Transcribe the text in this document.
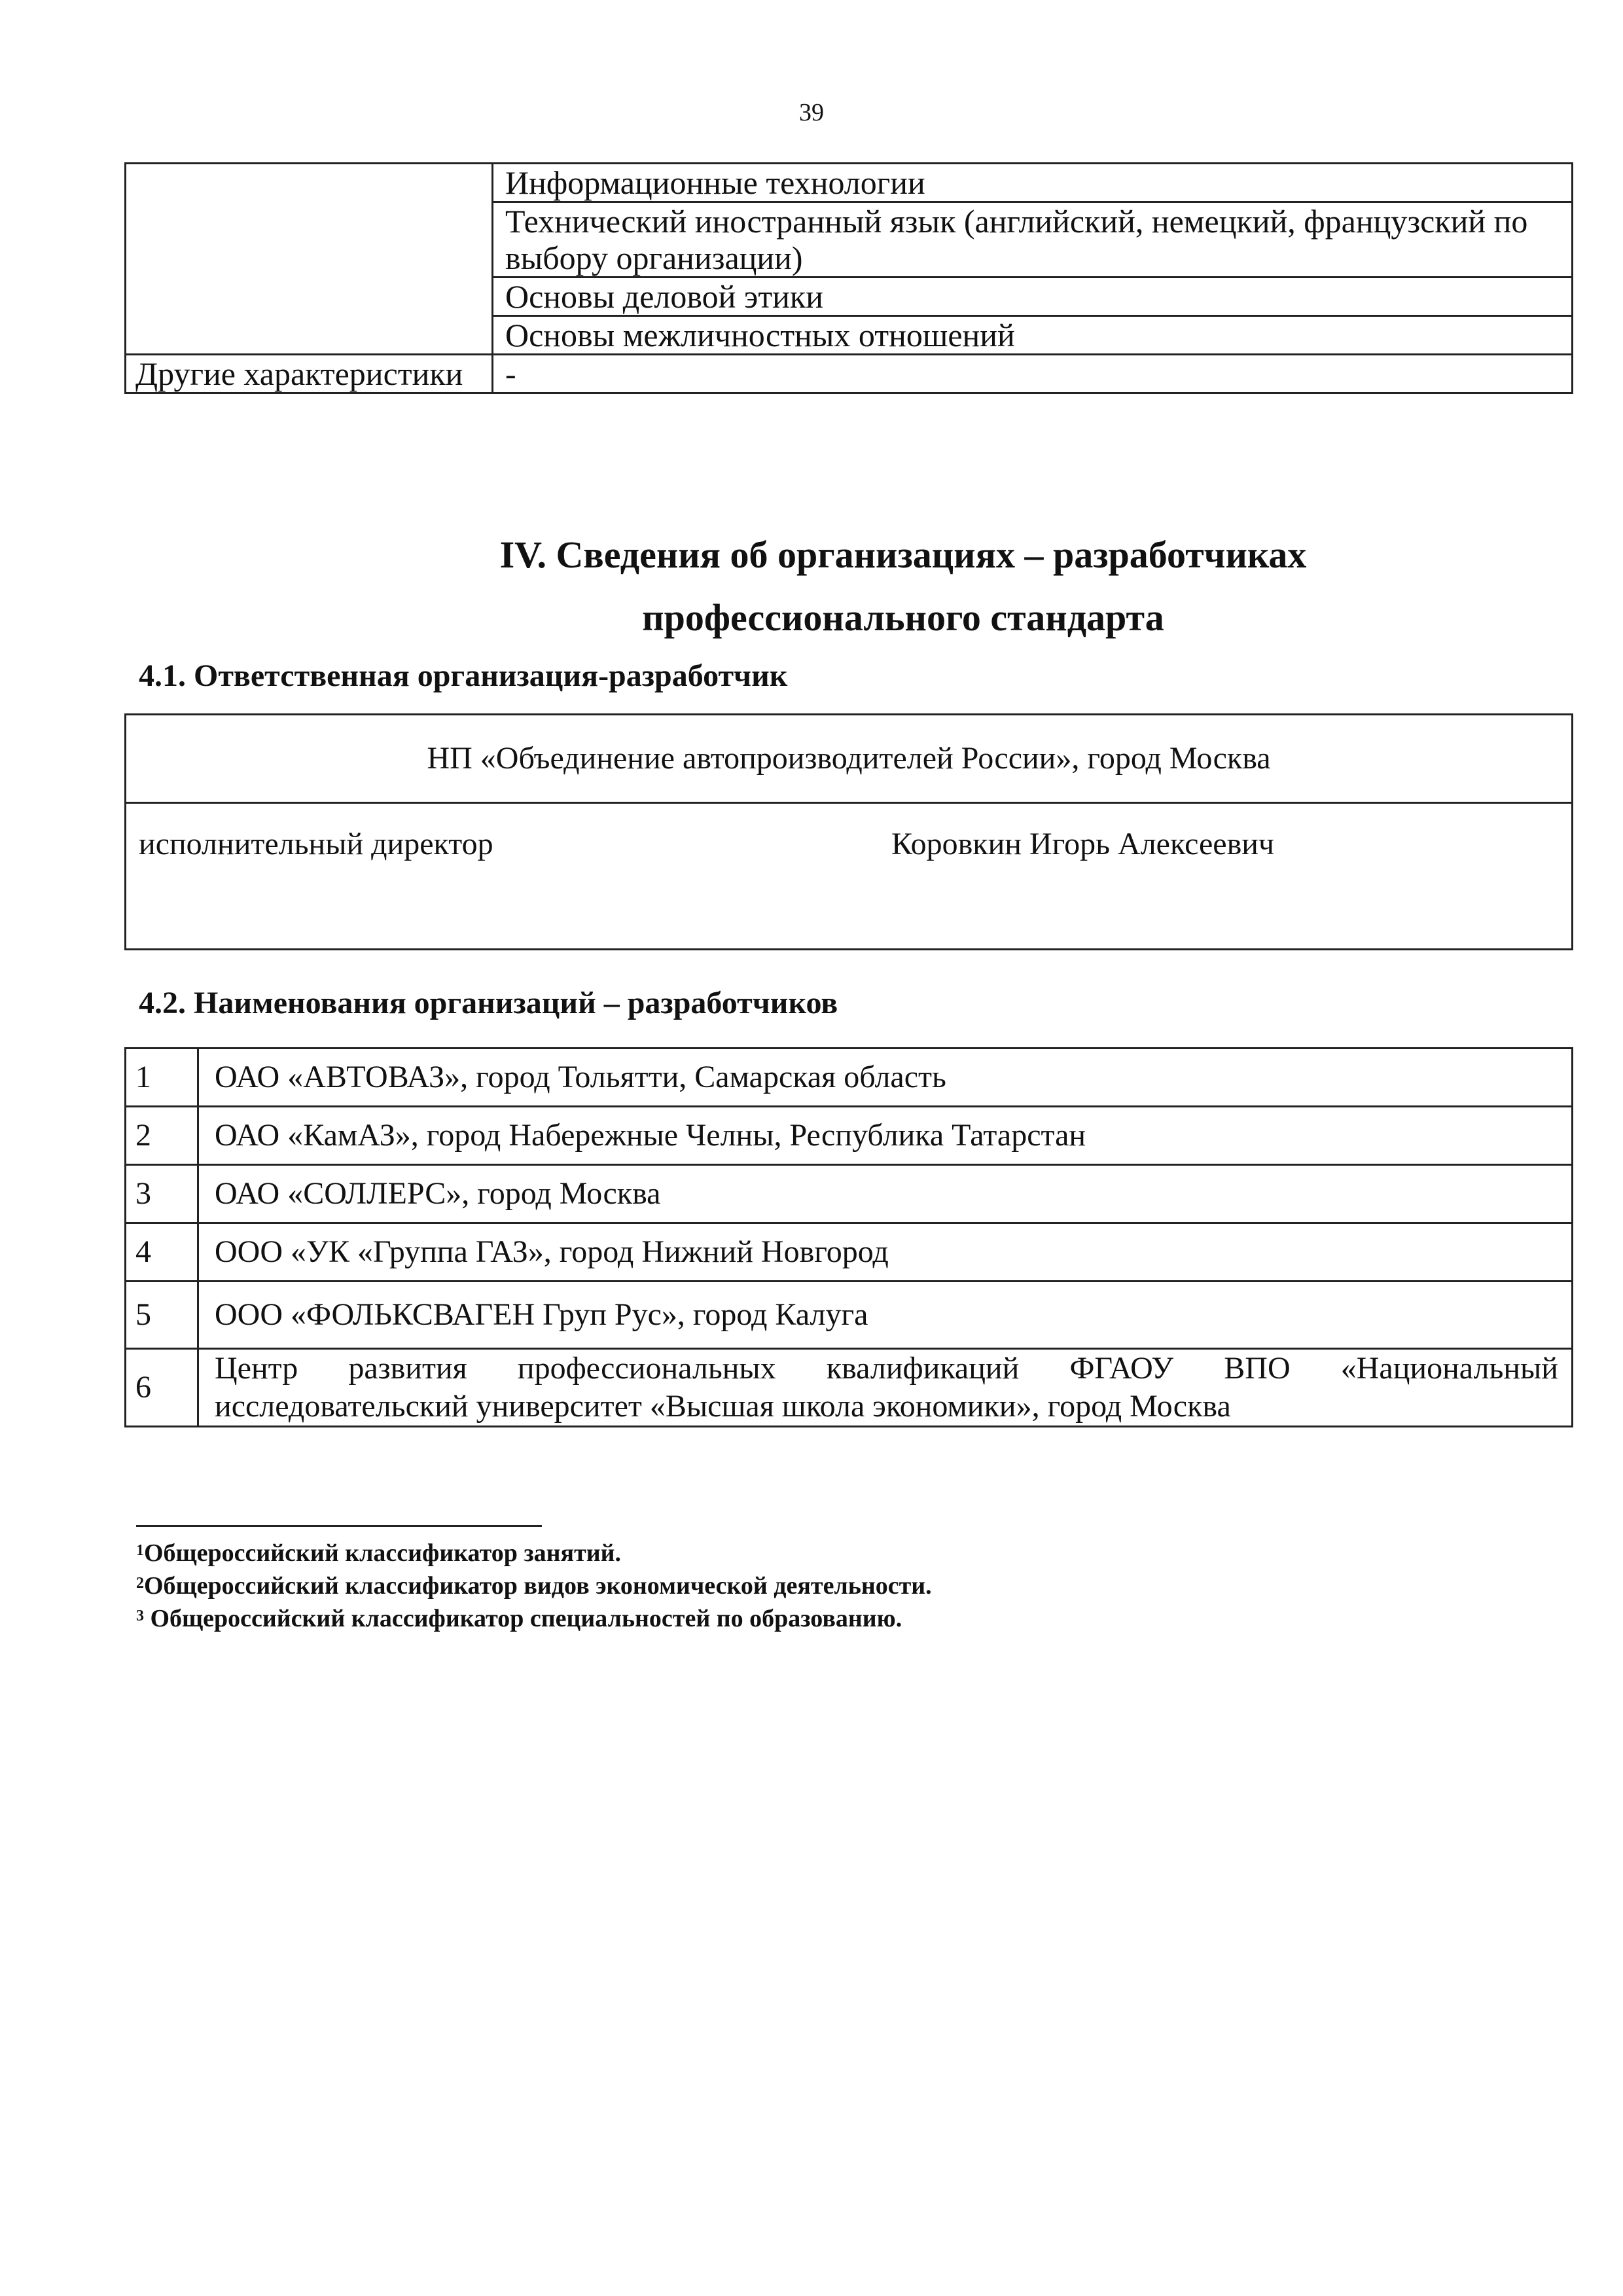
39
	Информационные технологии
	Технический иностранный язык (английский, немецкий, французский по выбору организации)
	Основы деловой этики
	Основы межличностных отношений
Другие характеристики	-
IV. Сведения об организациях – разработчиках
профессионального стандарта
4.1. Ответственная организация-разработчик
НП «Объединение автопроизводителей России», город Москва
исполнительный директор	Коровкин Игорь Алексеевич
4.2. Наименования организаций – разработчиков
1	ОАО «АВТОВАЗ», город Тольятти, Самарская область
2	ОАО «КамАЗ», город Набережные Челны, Республика Татарстан
3	ОАО «СОЛЛЕРС», город Москва
4	ООО «УК «Группа ГАЗ», город Нижний Новгород
5	ООО «ФОЛЬКСВАГЕН Груп Рус», город Калуга
6	Центр развития профессиональных квалификаций ФГАОУ ВПО «Национальный исследовательский университет «Высшая школа экономики», город Москва
$^1$Общероссийский классификатор занятий.
$^2$Общероссийский классификатор видов экономической деятельности.
$^3$ Общероссийский классификатор специальностей по образованию.
